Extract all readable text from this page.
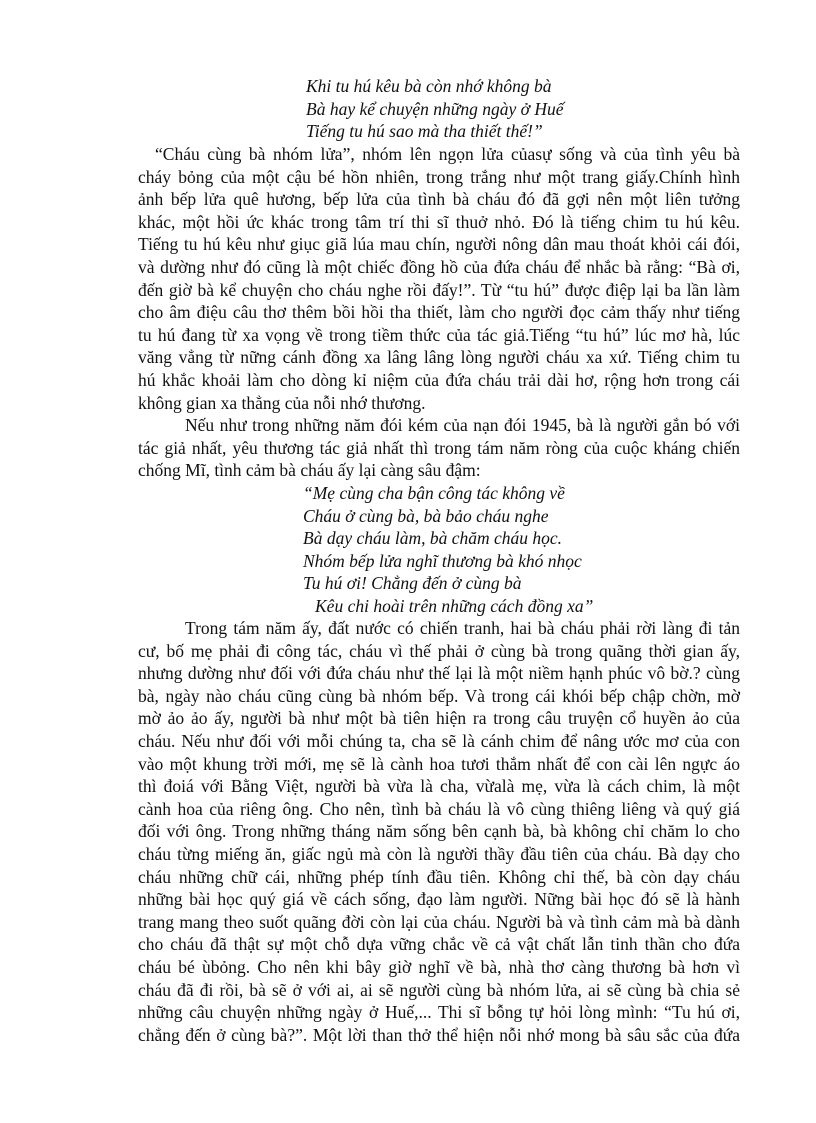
Khi tu hú kêu bà còn nhớ không bà
Bà hay kể chuyện những ngày ở Huế
Tiếng tu hú sao mà tha thiết thế!”
“Cháu cùng bà nhóm lửa”, nhóm lên ngọn lửa củasự sống và của tình yêu bà
cháy bỏng của một cậu bé hồn nhiên, trong trắng như một trang giấy.Chính hình
ảnh bếp lửa quê hương, bếp lửa của tình bà cháu đó đã gợi nên một liên tưởng
khác, một hồi ức khác trong tâm trí thi sĩ thuở nhỏ. Đó là tiếng chim tu hú kêu.
Tiếng tu hú kêu như giục giã lúa mau chín, người nông dân mau thoát khỏi cái đói,
và dường như đó cũng là một chiếc đồng hồ của đứa cháu để nhắc bà rằng: “Bà ơi,
đến giờ bà kể chuyện cho cháu nghe rồi đấy!”. Từ “tu hú” được điệp lại ba lần làm
cho âm điệu câu thơ thêm bồi hồi tha thiết, làm cho người đọc cảm thấy như tiếng
tu hú đang từ xa vọng về trong tiềm thức của tác giả.Tiếng “tu hú” lúc mơ hà, lúc
văng vẳng từ nững cánh đồng xa lâng lâng lòng người cháu xa xứ. Tiếng chim tu
hú khắc khoải làm cho dòng kỉ niệm của đứa cháu trải dài hơ, rộng hơn trong cái
không gian xa thẳng của nỗi nhớ thương.
Nếu như trong những năm đói kém của nạn đói 1945, bà là người gắn bó với
tác giả nhất, yêu thương tác giả nhất thì trong tám năm ròng của cuộc kháng chiến
chống Mĩ, tình cảm bà cháu ấy lại càng sâu đậm:
“Mẹ cùng cha bận công tác không về
Cháu ở cùng bà, bà bảo cháu nghe
Bà dạy cháu làm, bà chăm cháu học.
Nhóm bếp lửa nghĩ thương bà khó nhọc
Tu hú ơi! Chẳng đến ở cùng bà
Kêu chi hoài trên những cách đồng xa”
Trong tám năm ấy, đất nước có chiến tranh, hai bà cháu phải rời làng đi tản
cư, bố mẹ phải đi công tác, cháu vì thế phải ở cùng bà trong quãng thời gian ấy,
nhưng dường như đối với đứa cháu như thế lại là một niềm hạnh phúc vô bờ.? cùng
bà, ngày nào cháu cũng cùng bà nhóm bếp. Và trong cái khói bếp chập chờn, mờ
mờ ảo ảo ấy, người bà như một bà tiên hiện ra trong câu truyện cổ huyền ảo của
cháu. Nếu như đối với mỗi chúng ta, cha sẽ là cánh chim để nâng ước mơ của con
vào một khung trời mới, mẹ sẽ là cành hoa tươi thắm nhất để con cài lên ngực áo
thì đoiá với Bằng Việt, người bà vừa là cha, vừalà mẹ, vừa là cách chim, là một
cành hoa của riêng ông. Cho nên, tình bà cháu là vô cùng thiêng liêng và quý giá
đối với ông. Trong những tháng năm sống bên cạnh bà, bà không chỉ chăm lo cho
cháu từng miếng ăn, giấc ngủ mà còn là người thầy đầu tiên của cháu. Bà dạy cho
cháu những chữ cái, những phép tính đầu tiên. Không chỉ thế, bà còn dạy cháu
những bài học quý giá về cách sống, đạo làm người. Nững bài học đó sẽ là hành
trang mang theo suốt quãng đời còn lại của cháu. Người bà và tình cảm mà bà dành
cho cháu đã thật sự một chỗ dựa vững chắc về cả vật chất lẫn tinh thần cho đứa
cháu bé ùbỏng. Cho nên khi bây giờ nghĩ về bà, nhà thơ càng thương bà hơn vì
cháu đã đi rồi, bà sẽ ở với ai, ai sẽ người cùng bà nhóm lửa, ai sẽ cùng bà chia sẻ
những câu chuyện những ngày ở Huế,... Thi sĩ bỗng tự hỏi lòng mình: “Tu hú ơi,
chẳng đến ở cùng bà?”. Một lời than thở thể hiện nỗi nhớ mong bà sâu sắc của đứa
